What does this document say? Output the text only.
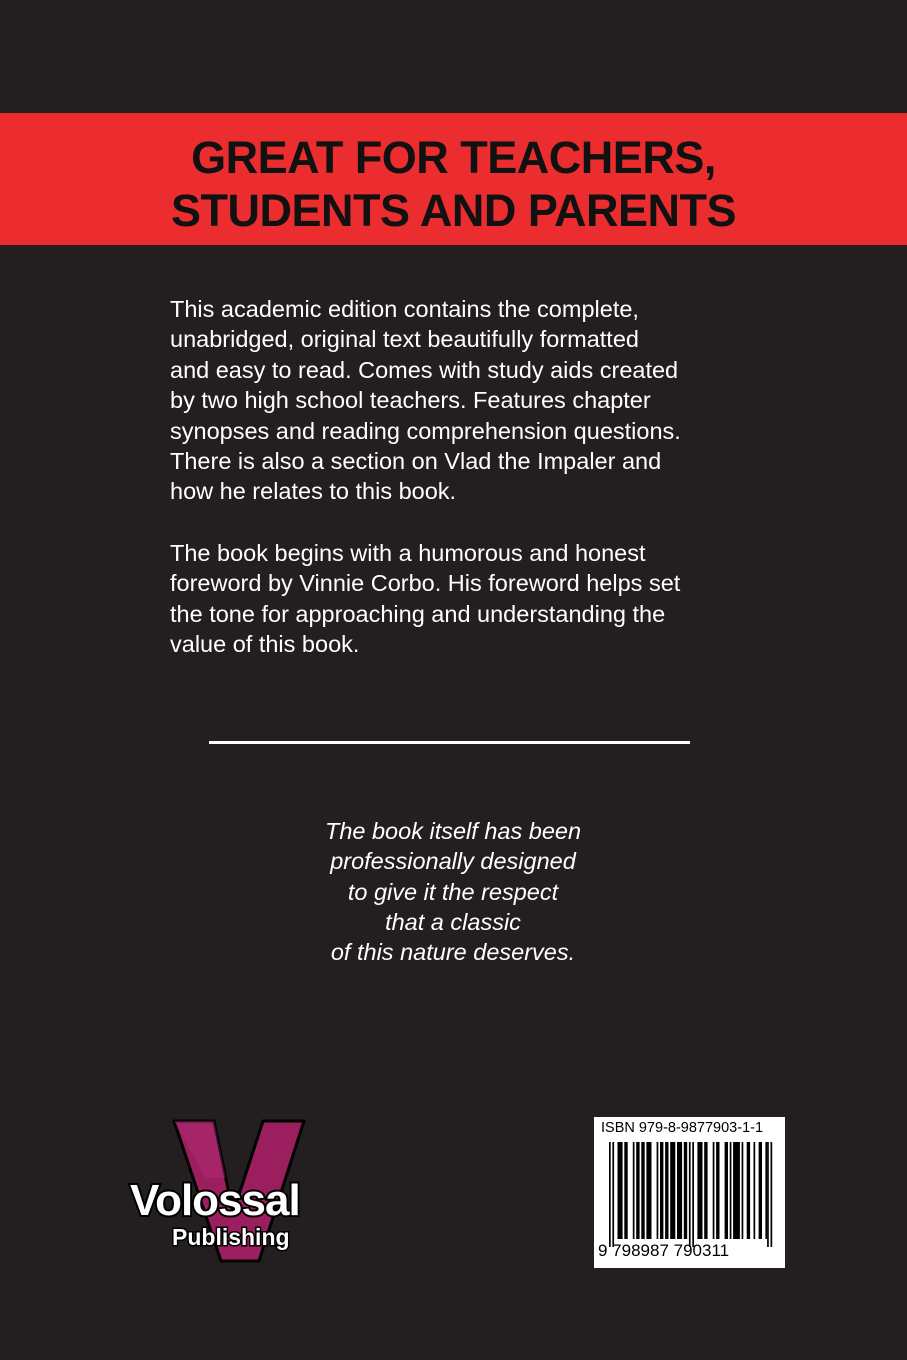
GREAT FOR TEACHERS,
STUDENTS AND PARENTS
This academic edition contains the complete,
unabridged, original text beautifully formatted
and easy to read. Comes with study aids created
by two high school teachers. Features chapter
synopses and reading comprehension questions.
There is also a section on Vlad the Impaler and
how he relates to this book.
The book begins with a humorous and honest
foreword by Vinnie Corbo. His foreword helps set
the tone for approaching and understanding the
value of this book.
The book itself has been
professionally designed
to give it the respect
that a classic
of this nature deserves.
Volossal
Publishing
ISBN 979-8-9877903-1-1
9 798987 790311
